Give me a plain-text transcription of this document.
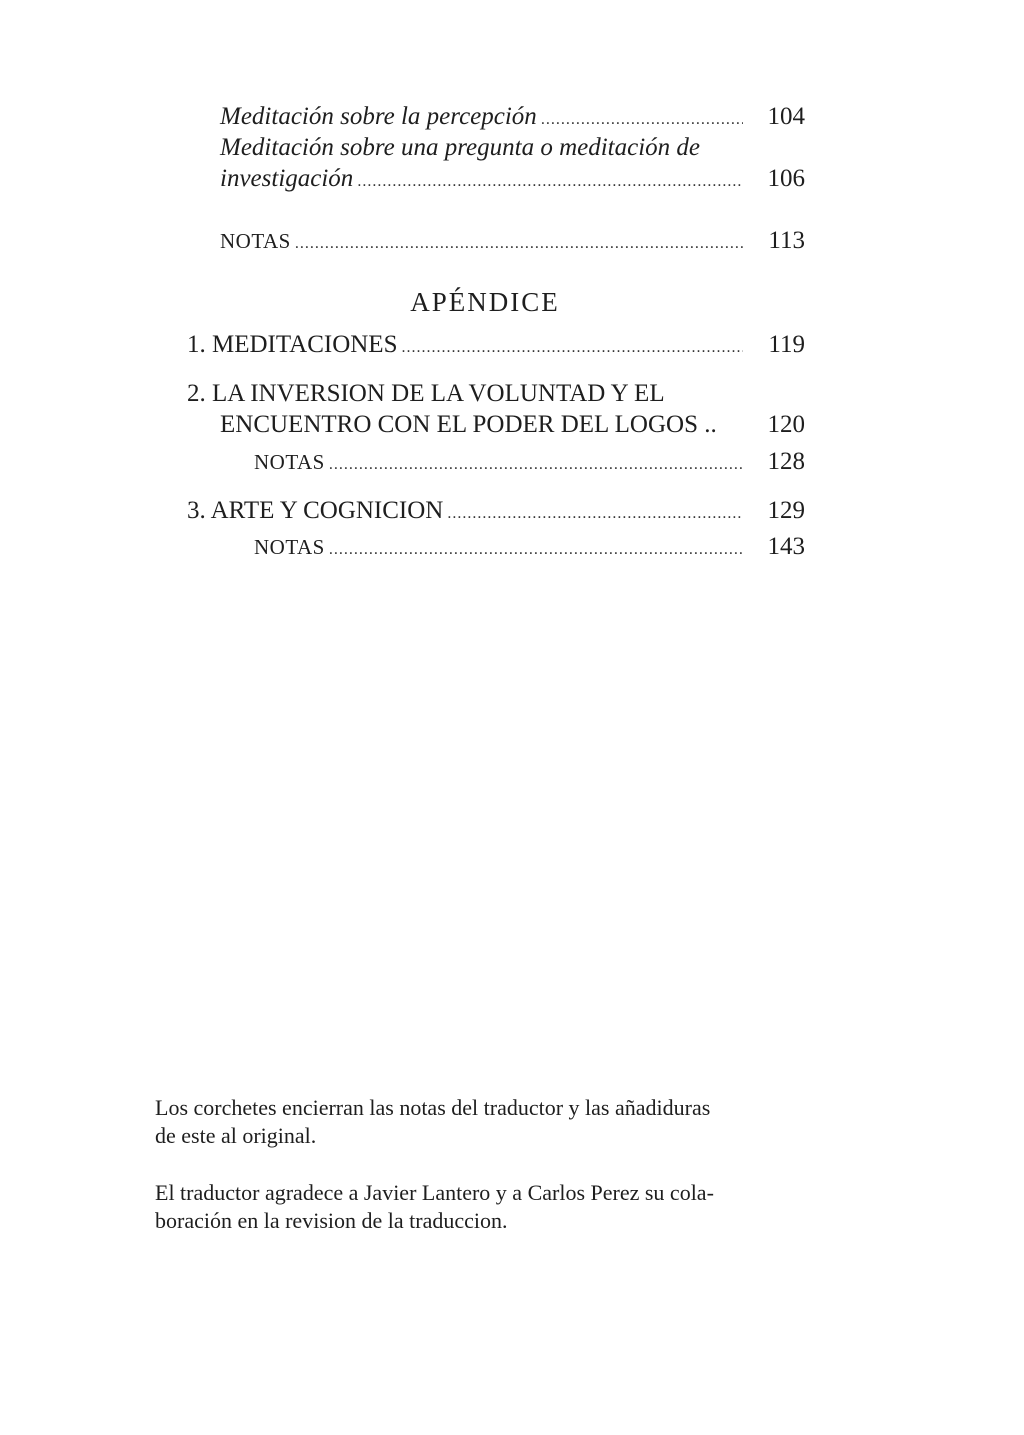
Meditación sobre la percepción .....	104
Meditación sobre una pregunta o meditación de
investigación .....	106
NOTAS .....	113
APÉNDICE
1. MEDITACIONES .....	119
2. LA INVERSION DE LA VOLUNTAD Y EL
ENCUENTRO CON EL PODER DEL LOGOS ..	120
NOTAS .....	128
3. ARTE Y COGNICION .....	129
NOTAS .....	143
Los corchetes encierran las notas del traductor y las añadiduras
de este al original.
El traductor agradece a Javier Lantero y a Carlos Perez su cola-
boración en la revision de la traduccion.
